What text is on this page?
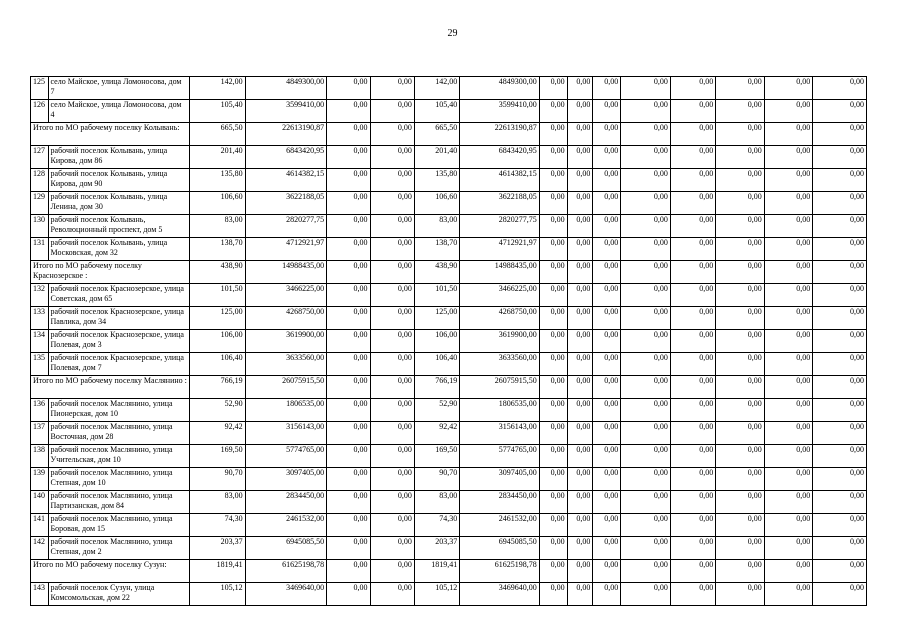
29
125	село Майское, улица Ломоносова, дом 7	142,00	4849300,00	0,00	0,00	142,00	4849300,00	0,00	0,00	0,00	0,00	0,00	0,00	0,00	0,00
126	село Майское, улица Ломоносова, дом 4	105,40	3599410,00	0,00	0,00	105,40	3599410,00	0,00	0,00	0,00	0,00	0,00	0,00	0,00	0,00
Итого по МО рабочему поселку Колывань:		665,50	22613190,87	0,00	0,00	665,50	22613190,87	0,00	0,00	0,00	0,00	0,00	0,00	0,00	0,00
127	рабочий поселок Колывань, улица Кирова, дом 86	201,40	6843420,95	0,00	0,00	201,40	6843420,95	0,00	0,00	0,00	0,00	0,00	0,00	0,00	0,00
128	рабочий поселок Колывань, улица Кирова, дом 90	135,80	4614382,15	0,00	0,00	135,80	4614382,15	0,00	0,00	0,00	0,00	0,00	0,00	0,00	0,00
129	рабочий поселок Колывань, улица Ленина, дом 30	106,60	3622188,05	0,00	0,00	106,60	3622188,05	0,00	0,00	0,00	0,00	0,00	0,00	0,00	0,00
130	рабочий поселок Колывань, Революционный проспект, дом 5	83,00	2820277,75	0,00	0,00	83,00	2820277,75	0,00	0,00	0,00	0,00	0,00	0,00	0,00	0,00
131	рабочий поселок Колывань, улица Московская, дом 32	138,70	4712921,97	0,00	0,00	138,70	4712921,97	0,00	0,00	0,00	0,00	0,00	0,00	0,00	0,00
Итого по МО рабочему поселку Краснозерское :		438,90	14988435,00	0,00	0,00	438,90	14988435,00	0,00	0,00	0,00	0,00	0,00	0,00	0,00	0,00
132	рабочий поселок Краснозерское, улица Советская, дом 65	101,50	3466225,00	0,00	0,00	101,50	3466225,00	0,00	0,00	0,00	0,00	0,00	0,00	0,00	0,00
133	рабочий поселок Краснозерское, улица Павлика, дом 34	125,00	4268750,00	0,00	0,00	125,00	4268750,00	0,00	0,00	0,00	0,00	0,00	0,00	0,00	0,00
134	рабочий поселок Краснозерское, улица Полевая, дом 3	106,00	3619900,00	0,00	0,00	106,00	3619900,00	0,00	0,00	0,00	0,00	0,00	0,00	0,00	0,00
135	рабочий поселок Краснозерское, улица Полевая, дом 7	106,40	3633560,00	0,00	0,00	106,40	3633560,00	0,00	0,00	0,00	0,00	0,00	0,00	0,00	0,00
Итого по МО рабочему поселку Маслянино :		766,19	26075915,50	0,00	0,00	766,19	26075915,50	0,00	0,00	0,00	0,00	0,00	0,00	0,00	0,00
136	рабочий поселок Маслянино, улица Пионерская, дом 10	52,90	1806535,00	0,00	0,00	52,90	1806535,00	0,00	0,00	0,00	0,00	0,00	0,00	0,00	0,00
137	рабочий поселок Маслянино, улица Восточная, дом 28	92,42	3156143,00	0,00	0,00	92,42	3156143,00	0,00	0,00	0,00	0,00	0,00	0,00	0,00	0,00
138	рабочий поселок Маслянино, улица Учительская, дом 10	169,50	5774765,00	0,00	0,00	169,50	5774765,00	0,00	0,00	0,00	0,00	0,00	0,00	0,00	0,00
139	рабочий поселок Маслянино, улица Степная, дом 10	90,70	3097405,00	0,00	0,00	90,70	3097405,00	0,00	0,00	0,00	0,00	0,00	0,00	0,00	0,00
140	рабочий поселок Маслянино, улица Партизанская, дом 84	83,00	2834450,00	0,00	0,00	83,00	2834450,00	0,00	0,00	0,00	0,00	0,00	0,00	0,00	0,00
141	рабочий поселок Маслянино, улица Боровая, дом 15	74,30	2461532,00	0,00	0,00	74,30	2461532,00	0,00	0,00	0,00	0,00	0,00	0,00	0,00	0,00
142	рабочий поселок Маслянино, улица Степная, дом 2	203,37	6945085,50	0,00	0,00	203,37	6945085,50	0,00	0,00	0,00	0,00	0,00	0,00	0,00	0,00
Итого по МО рабочему поселку Сузун:		1819,41	61625198,78	0,00	0,00	1819,41	61625198,78	0,00	0,00	0,00	0,00	0,00	0,00	0,00	0,00
143	рабочий поселок Сузун, улица Комсомольская, дом 22	105,12	3469640,00	0,00	0,00	105,12	3469640,00	0,00	0,00	0,00	0,00	0,00	0,00	0,00	0,00
